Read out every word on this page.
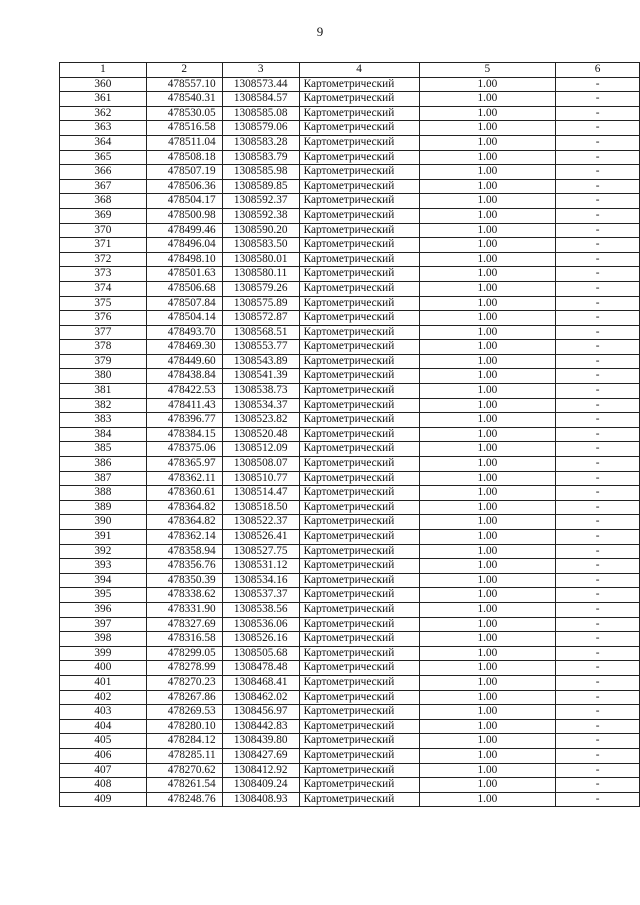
9
1	2	3	4	5	6
360	478557.10	1308573.44	Картометрический	1.00	-
361	478540.31	1308584.57	Картометрический	1.00	-
362	478530.05	1308585.08	Картометрический	1.00	-
363	478516.58	1308579.06	Картометрический	1.00	-
364	478511.04	1308583.28	Картометрический	1.00	-
365	478508.18	1308583.79	Картометрический	1.00	-
366	478507.19	1308585.98	Картометрический	1.00	-
367	478506.36	1308589.85	Картометрический	1.00	-
368	478504.17	1308592.37	Картометрический	1.00	-
369	478500.98	1308592.38	Картометрический	1.00	-
370	478499.46	1308590.20	Картометрический	1.00	-
371	478496.04	1308583.50	Картометрический	1.00	-
372	478498.10	1308580.01	Картометрический	1.00	-
373	478501.63	1308580.11	Картометрический	1.00	-
374	478506.68	1308579.26	Картометрический	1.00	-
375	478507.84	1308575.89	Картометрический	1.00	-
376	478504.14	1308572.87	Картометрический	1.00	-
377	478493.70	1308568.51	Картометрический	1.00	-
378	478469.30	1308553.77	Картометрический	1.00	-
379	478449.60	1308543.89	Картометрический	1.00	-
380	478438.84	1308541.39	Картометрический	1.00	-
381	478422.53	1308538.73	Картометрический	1.00	-
382	478411.43	1308534.37	Картометрический	1.00	-
383	478396.77	1308523.82	Картометрический	1.00	-
384	478384.15	1308520.48	Картометрический	1.00	-
385	478375.06	1308512.09	Картометрический	1.00	-
386	478365.97	1308508.07	Картометрический	1.00	-
387	478362.11	1308510.77	Картометрический	1.00	-
388	478360.61	1308514.47	Картометрический	1.00	-
389	478364.82	1308518.50	Картометрический	1.00	-
390	478364.82	1308522.37	Картометрический	1.00	-
391	478362.14	1308526.41	Картометрический	1.00	-
392	478358.94	1308527.75	Картометрический	1.00	-
393	478356.76	1308531.12	Картометрический	1.00	-
394	478350.39	1308534.16	Картометрический	1.00	-
395	478338.62	1308537.37	Картометрический	1.00	-
396	478331.90	1308538.56	Картометрический	1.00	-
397	478327.69	1308536.06	Картометрический	1.00	-
398	478316.58	1308526.16	Картометрический	1.00	-
399	478299.05	1308505.68	Картометрический	1.00	-
400	478278.99	1308478.48	Картометрический	1.00	-
401	478270.23	1308468.41	Картометрический	1.00	-
402	478267.86	1308462.02	Картометрический	1.00	-
403	478269.53	1308456.97	Картометрический	1.00	-
404	478280.10	1308442.83	Картометрический	1.00	-
405	478284.12	1308439.80	Картометрический	1.00	-
406	478285.11	1308427.69	Картометрический	1.00	-
407	478270.62	1308412.92	Картометрический	1.00	-
408	478261.54	1308409.24	Картометрический	1.00	-
409	478248.76	1308408.93	Картометрический	1.00	-
